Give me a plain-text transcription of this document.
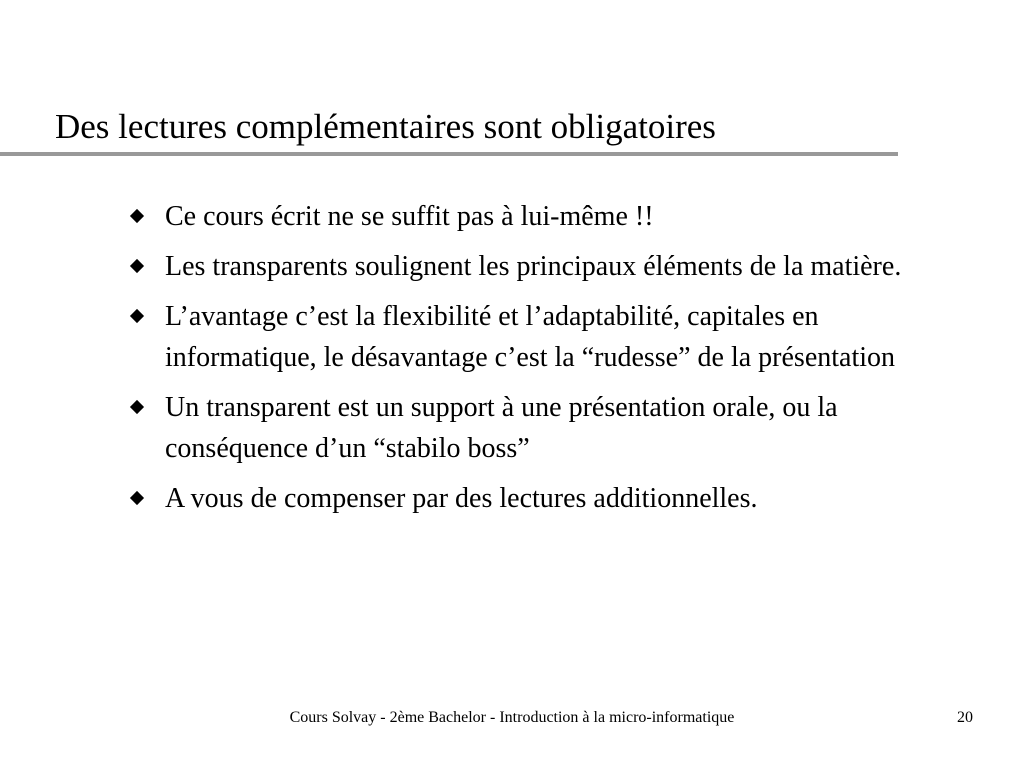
Des lectures complémentaires sont obligatoires
Ce cours écrit ne se suffit pas à lui-même !!
Les transparents soulignent les principaux éléments de la matière.
L’avantage c’est la flexibilité et l’adaptabilité, capitales en informatique, le désavantage c’est la “rudesse” de la présentation
Un transparent est un support à une présentation orale, ou la conséquence d’un “stabilo boss”
A vous de compenser par des lectures additionnelles.
Cours Solvay - 2ème Bachelor - Introduction à la micro-informatique	20
